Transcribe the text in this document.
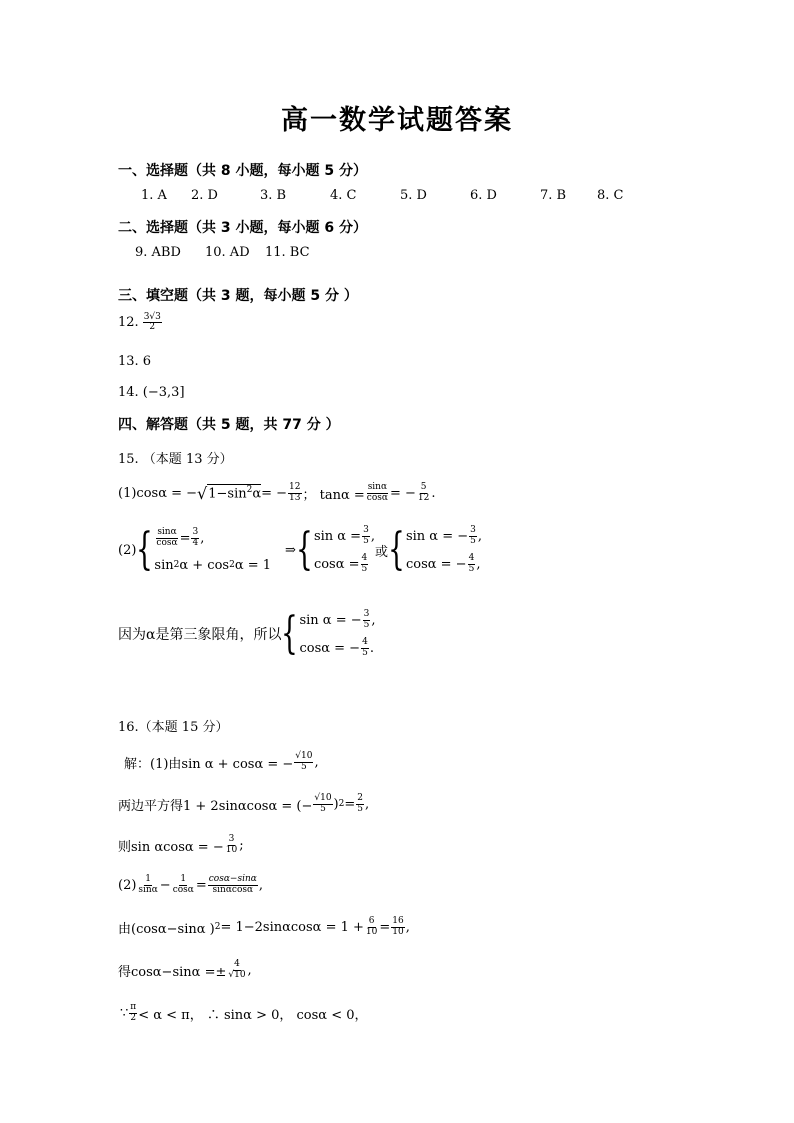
高一数学试题答案
一、选择题（共 8 小题，每小题 5 分）
1. A 2. D	3. B	4. C	5. D	6. D	7. B 8. C
二、选择题（共 3 小题，每小题 6 分）
9. ABD 10. AD 11. BC
三、填空题（共 3 题，每小题 5 分 ）
12. $\frac{3√3}{2}$
13. 6
14. (−3,3]
四、解答题（共 5 题，共 77 分 ）
15. （本题 13 分）
(1)cosα = − √ $1-\sin^2\alpha$ = − $\frac{12}{13}$ ； $\tan\alpha = \frac{\sin\alpha}{\cos\alpha}$ = − $\frac{5}{12}$ .
(2) { $\frac{\sin\alpha}{\cos\alpha} = \frac{3}{4}$ ,
sin 2 α + cos 2 α = 1
⇒ { $\sin \alpha = \frac{3}{5}$ ,
$\cos\alpha = \frac{4}{5}$
或 { sin α = − $\frac{3}{5}$ ,
cosα = − $\frac{4}{5}$ ,
因为α是第三象限角，所以 { sin α = − $\frac{3}{5}$ ,
cosα = − $\frac{4}{5}$ .
16.（本题 15 分）
解：(1)由sin α + cosα = − $\frac{√10}{5}$ ,
两边平方得1 + 2sinαcosα = (− $\frac{√10}{5}$ ) $2 = \frac{2}{5}$ ,
则sin αcosα = − $\frac{3}{10}$ ;
$(2) \frac{1}{\sin\alpha} - \frac{1}{\cos\alpha} = \frac{\cos\alpha-\sin\alpha}{\sin\alpha\cos\alpha}$ ,
由(cosα−sinα ) $2 = 1-2\sin\alpha\cos\alpha = 1 + \frac{6}{10} = \frac{16}{10}$ ,
得$\cos\alpha-\sin\alpha =\pm \frac{4}{√10}$ ,
∵ $\frac{\pi}{2} < \alpha < \pi$， ∴ sinα > 0， cosα < 0，
